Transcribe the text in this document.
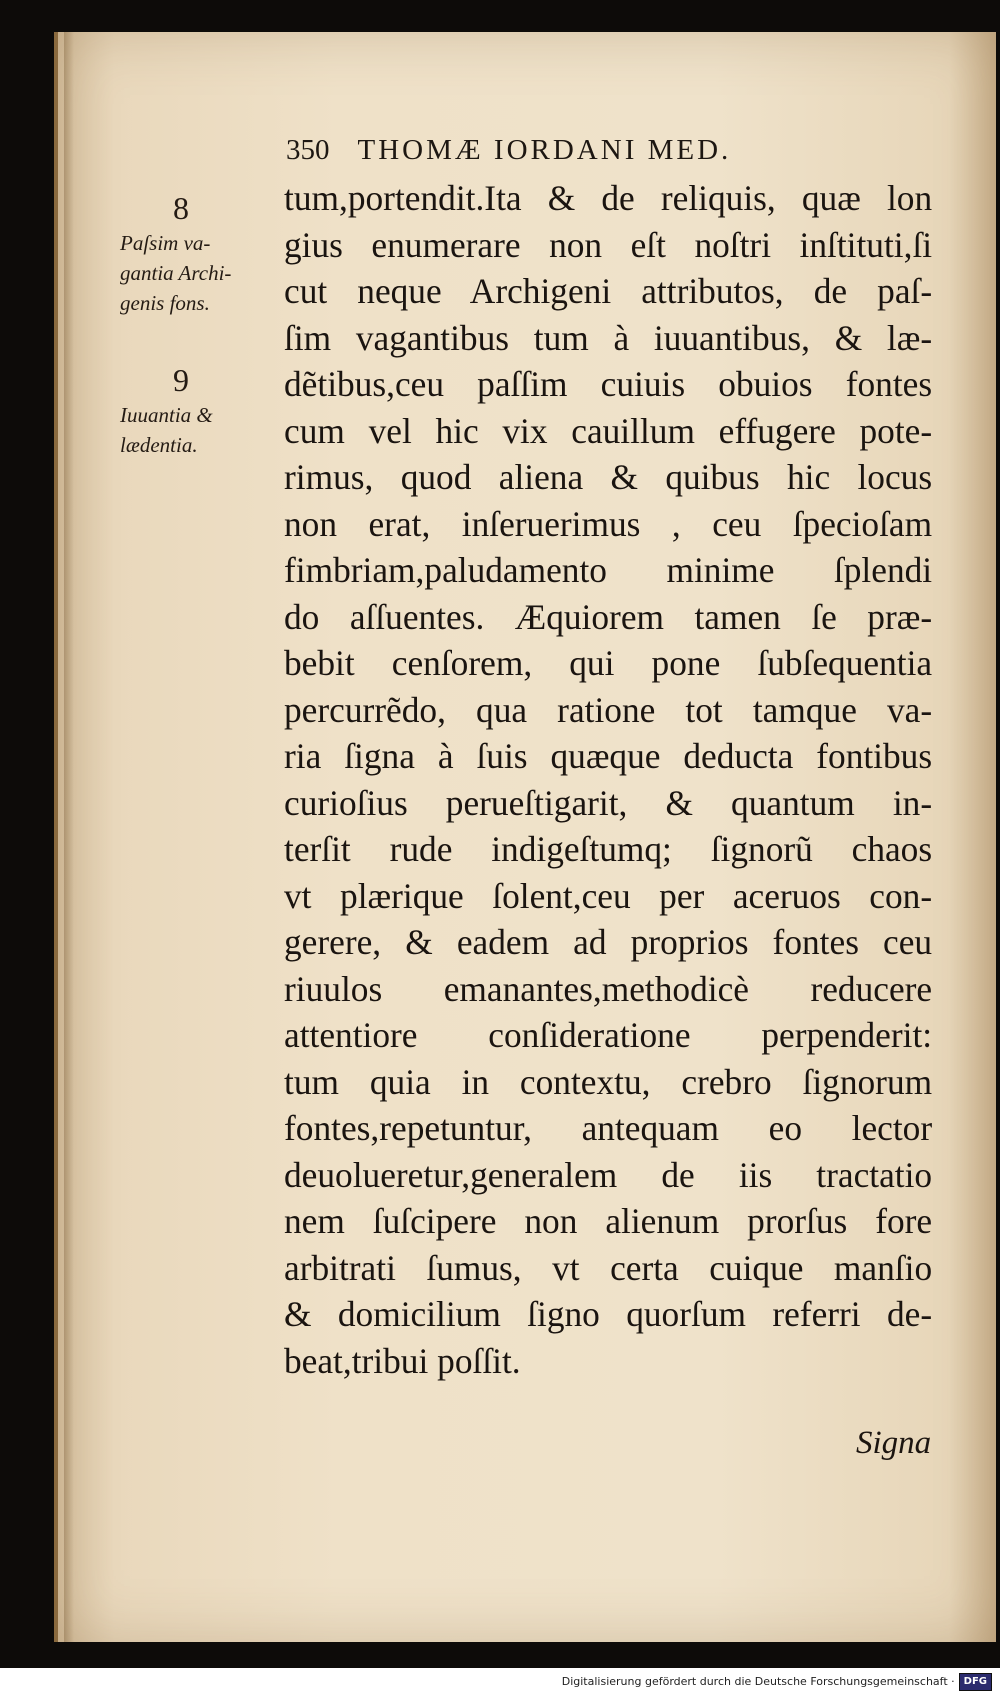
350 THOMÆ IORDANI MED.
8
Paſsim va-
gantia Archi-
genis fons.
9
Iuuantia &
lædentia.
tum,portendit.Ita & de reliquis, quæ lon
gius enumerare non eſt noſtri inſtituti,ſi
cut neque Archigeni attributos, de paſ-
ſim vagantibus tum à iuuantibus, & læ-
dẽtibus,ceu paſſim cuiuis obuios fontes
cum vel hic vix cauillum effugere pote-
rimus, quod aliena & quibus hic locus
non erat, inſeruerimus , ceu ſpecioſam
fimbriam,paludamento minime ſplendi
do aſſuentes. Æquiorem tamen ſe præ-
bebit cenſorem, qui pone ſubſequentia
percurrẽdo, qua ratione tot tamque va-
ria ſigna à ſuis quæque deducta fontibus
curioſius perueſtigarit, & quantum in-
terſit rude indigeſtumq; ſignorũ chaos
vt plærique ſolent,ceu per aceruos con-
gerere, & eadem ad proprios fontes ceu
riuulos emanantes,methodicè reducere
attentiore conſideratione perpenderit:
tum quia in contextu, crebro ſignorum
fontes,repetuntur, antequam eo lector
deuolueretur,generalem de iis tractatio
nem ſuſcipere non alienum prorſus fore
arbitrati ſumus, vt certa cuique manſio
& domicilium ſigno quorſum referri de-
beat,tribui poſſit.
Signa
Digitalisierung gefördert durch die Deutsche Forschungsgemeinschaft · DFG
